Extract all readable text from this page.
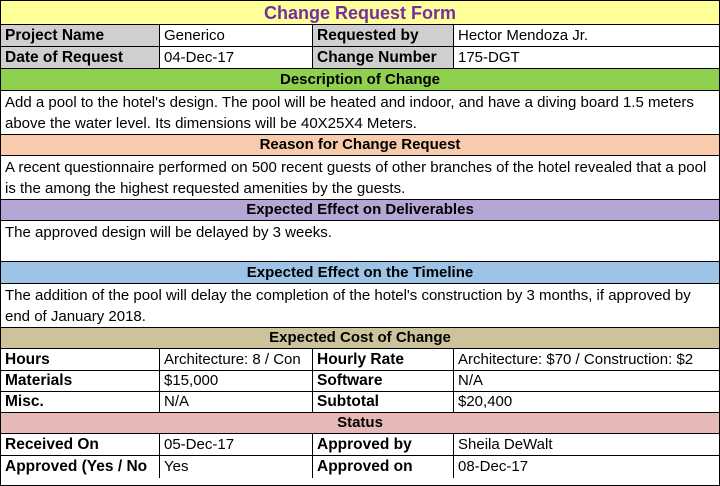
Change Request Form
Project Name	Generico	Requested by	Hector Mendoza Jr.
Date of Request	04-Dec-17	Change Number	175-DGT
Description of Change
Add a pool to the hotel's design. The pool will be heated and indoor, and have a diving board 1.5 meters above the water level. Its dimensions will be 40X25X4 Meters.
Reason for Change Request
A recent questionnaire performed on 500 recent guests of other branches of the hotel revealed that a pool is the among the highest requested amenities by the guests.
Expected Effect on Deliverables
The approved design will be delayed by 3 weeks.
Expected Effect on the Timeline
The addition of the pool will delay the completion of the hotel's construction by 3 months, if approved by end of January 2018.
Expected Cost of Change
Hours	Architecture: 8 / Con	Hourly Rate	Architecture: $70 / Construction: $2
Materials	$15,000	Software	N/A
Misc.	N/A	Subtotal	$20,400
Status
Received On	05-Dec-17	Approved by	Sheila DeWalt
Approved (Yes / No	Yes	Approved on	08-Dec-17
